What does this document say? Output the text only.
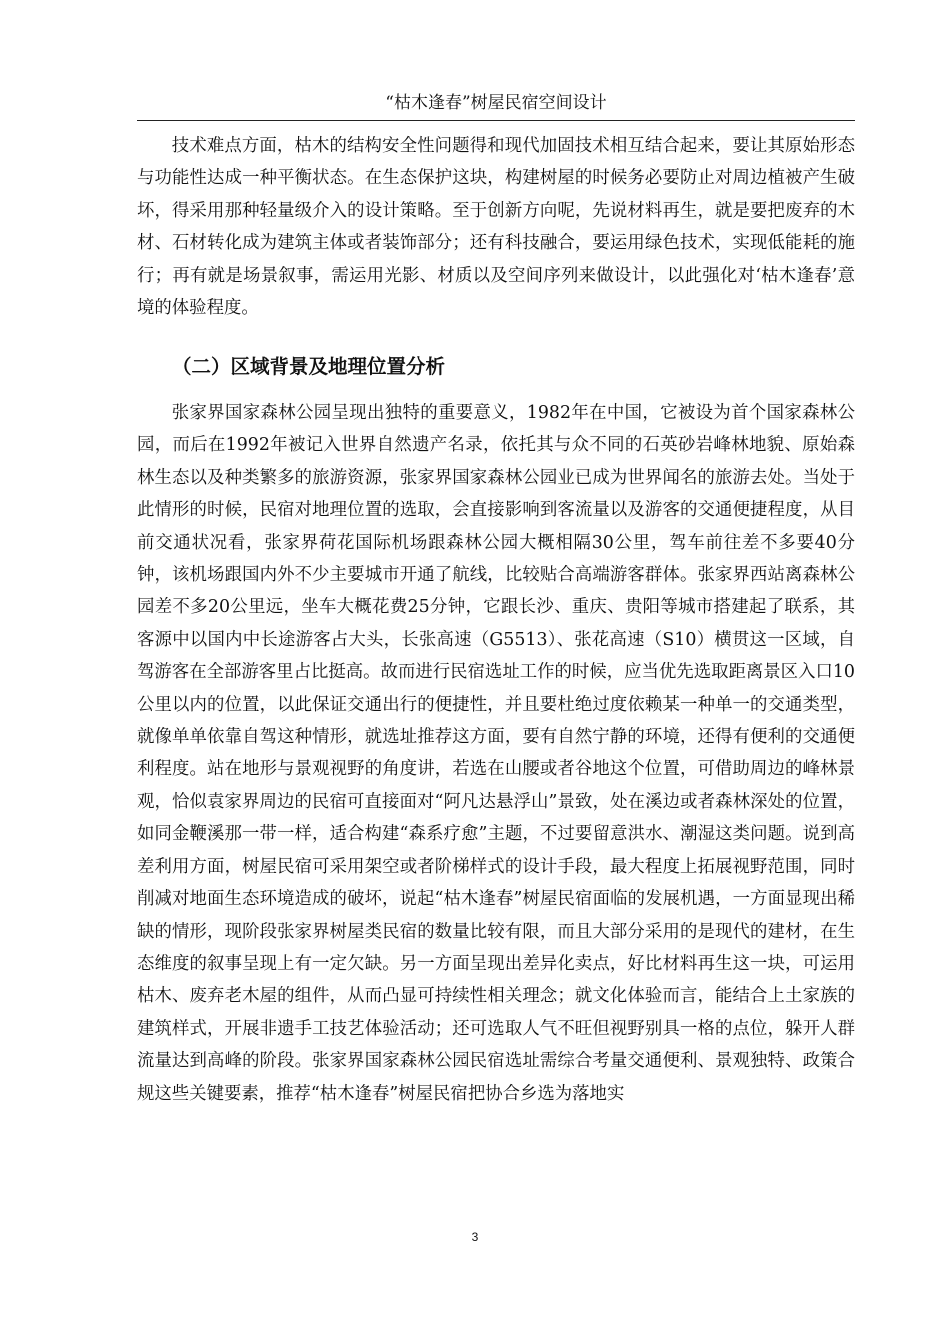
“枯木逢春”树屋民宿空间设计

技术难点方面，枯木的结构安全性问题得和现代加固技术相互结合起来，要让其原始形态与功能性达成一种平衡状态。在生态保护这块，构建树屋的时候务必要防止对周边植被产生破坏，得采用那种轻量级介入的设计策略。至于创新方向呢，先说材料再生，就是要把废弃的木材、石材转化成为建筑主体或者装饰部分；还有科技融合，要运用绿色技术，实现低能耗的施行；再有就是场景叙事，需运用光影、材质以及空间序列来做设计，以此强化对‘枯木逢春’意境的体验程度。

（二）区域背景及地理位置分析

张家界国家森林公园呈现出独特的重要意义，1982年在中国，它被设为首个国家森林公园，而后在1992年被记入世界自然遗产名录，依托其与众不同的石英砂岩峰林地貌、原始森林生态以及种类繁多的旅游资源，张家界国家森林公园业已成为世界闻名的旅游去处。当处于此情形的时候，民宿对地理位置的选取，会直接影响到客流量以及游客的交通便捷程度，从目前交通状况看，张家界荷花国际机场跟森林公园大概相隔30公里，驾车前往差不多要40分钟，该机场跟国内外不少主要城市开通了航线，比较贴合高端游客群体。张家界西站离森林公园差不多20公里远，坐车大概花费25分钟，它跟长沙、重庆、贵阳等城市搭建起了联系，其客源中以国内中长途游客占大头，长张高速（G5513）、张花高速（S10）横贯这一区域，自驾游客在全部游客里占比挺高。故而进行民宿选址工作的时候，应当优先选取距离景区入口10公里以内的位置，以此保证交通出行的便捷性，并且要杜绝过度依赖某一种单一的交通类型，就像单单依靠自驾这种情形，就选址推荐这方面，要有自然宁静的环境，还得有便利的交通便利程度。站在地形与景观视野的角度讲，若选在山腰或者谷地这个位置，可借助周边的峰林景观，恰似袁家界周边的民宿可直接面对“阿凡达悬浮山”景致，处在溪边或者森林深处的位置，如同金鞭溪那一带一样，适合构建“森系疗愈”主题，不过要留意洪水、潮湿这类问题。说到高差利用方面，树屋民宿可采用架空或者阶梯样式的设计手段，最大程度上拓展视野范围，同时削减对地面生态环境造成的破坏，说起“枯木逢春”树屋民宿面临的发展机遇，一方面显现出稀缺的情形，现阶段张家界树屋类民宿的数量比较有限，而且大部分采用的是现代的建材，在生态维度的叙事呈现上有一定欠缺。另一方面呈现出差异化卖点，好比材料再生这一块，可运用枯木、废弃老木屋的组件，从而凸显可持续性相关理念；就文化体验而言，能结合上土家族的建筑样式，开展非遗手工技艺体验活动；还可选取人气不旺但视野别具一格的点位，躲开人群流量达到高峰的阶段。张家界国家森林公园民宿选址需综合考量交通便利、景观独特、政策合规这些关键要素，推荐“枯木逢春”树屋民宿把协合乡选为落地实

3
